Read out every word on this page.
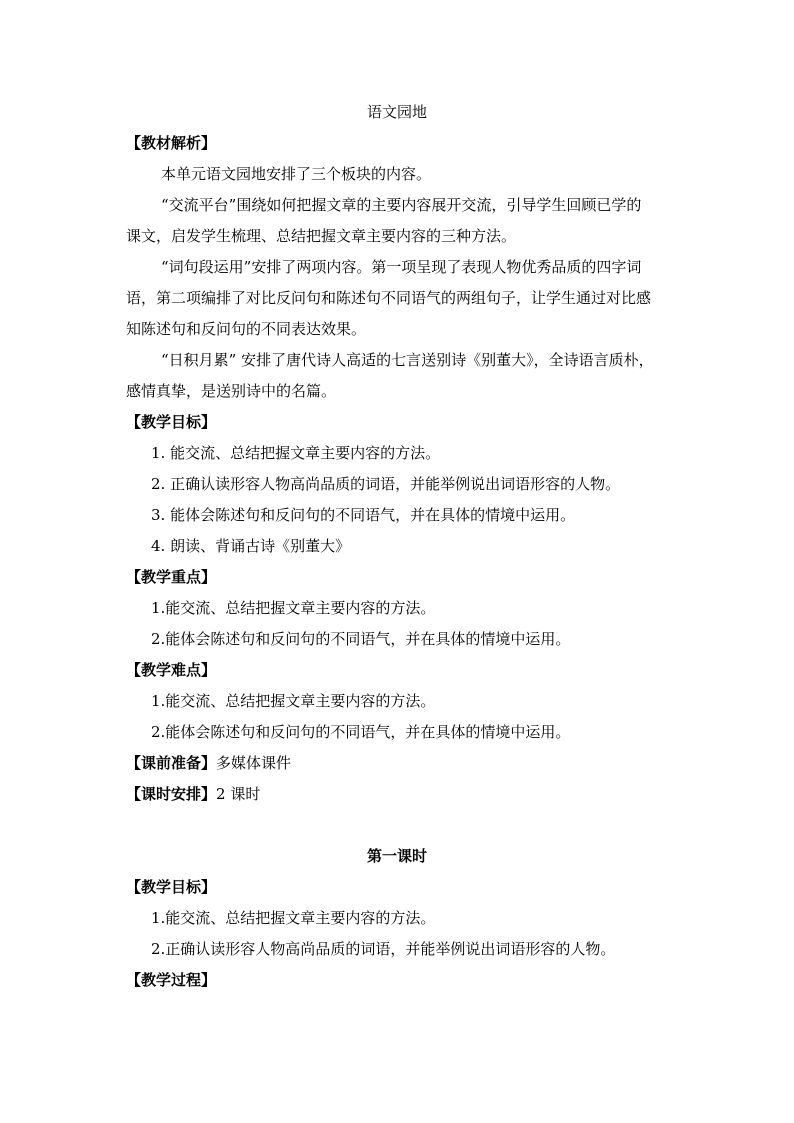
语文园地
【教材解析】
本单元语文园地安排了三个板块的内容。
“交流平台”围绕如何把握文章的主要内容展开交流，引导学生回顾已学的
课文，启发学生梳理、总结把握文章主要内容的三种方法。
“词句段运用”安排了两项内容。第一项呈现了表现人物优秀品质的四字词
语，第二项编排了对比反问句和陈述句不同语气的两组句子，让学生通过对比感
知陈述句和反问句的不同表达效果。
“日积月累” 安排了唐代诗人高适的七言送别诗《别董大》，全诗语言质朴，
感情真挚，是送别诗中的名篇。
【教学目标】
1. 能交流、总结把握文章主要内容的方法。
2. 正确认读形容人物高尚品质的词语，并能举例说出词语形容的人物。
3. 能体会陈述句和反问句的不同语气，并在具体的情境中运用。
4. 朗读、背诵古诗《别董大》
【教学重点】
1.能交流、总结把握文章主要内容的方法。
2.能体会陈述句和反问句的不同语气，并在具体的情境中运用。
【教学难点】
1.能交流、总结把握文章主要内容的方法。
2.能体会陈述句和反问句的不同语气，并在具体的情境中运用。
【课前准备】多媒体课件
【课时安排】2 课时
第一课时
【教学目标】
1.能交流、总结把握文章主要内容的方法。
2.正确认读形容人物高尚品质的词语，并能举例说出词语形容的人物。
【教学过程】
